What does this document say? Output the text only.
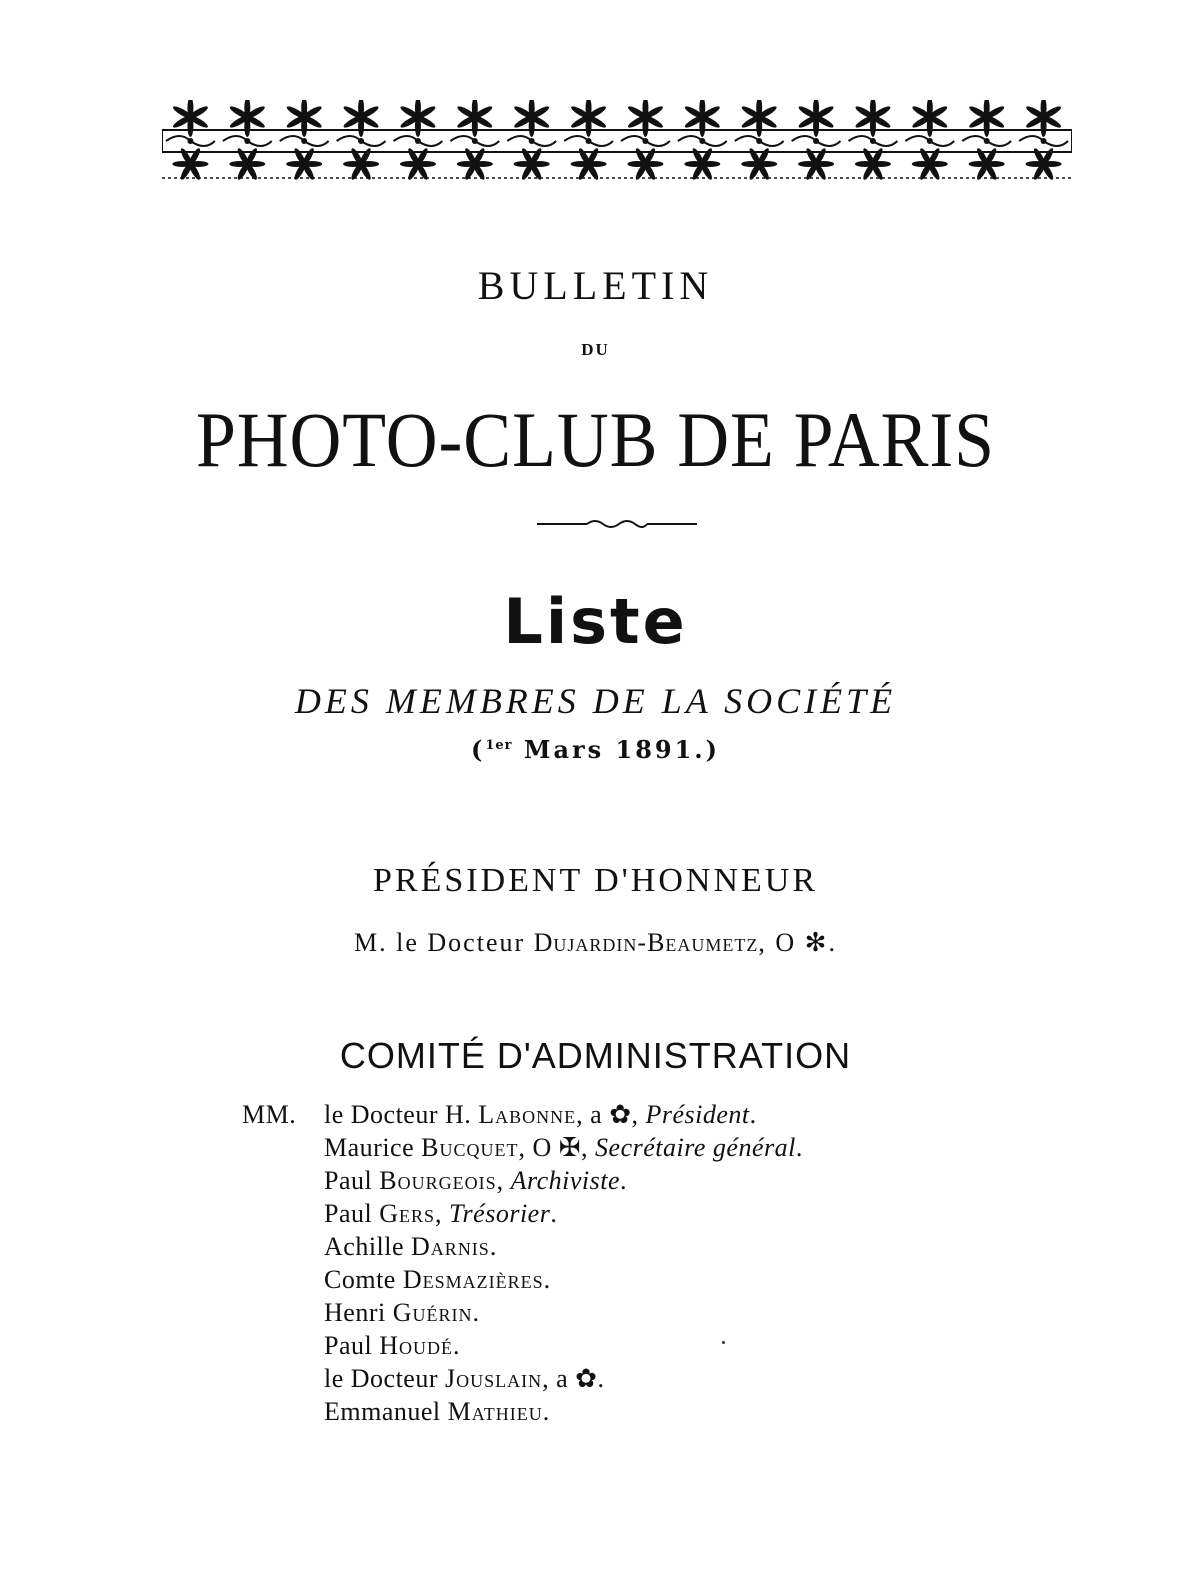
BULLETIN
DU
PHOTO-CLUB DE PARIS
Liste
DES MEMBRES DE LA SOCIÉTÉ
($^{1er}$ Mars 1891.)
PRÉSIDENT D'HONNEUR
M. le Docteur Dujardin-Beaumetz, O ✻.
COMITÉ D'ADMINISTRATION
MM.	le Docteur H. Labonne, a ✿, Président.
Maurice Bucquet, O ✠, Secrétaire général.
Paul Bourgeois, Archiviste.
Paul Gers, Trésorier.
Achille Darnis.
Comte Desmazières.
Henri Guérin.
Paul Houdé.
le Docteur Jouslain, a ✿.
Emmanuel Mathieu.
